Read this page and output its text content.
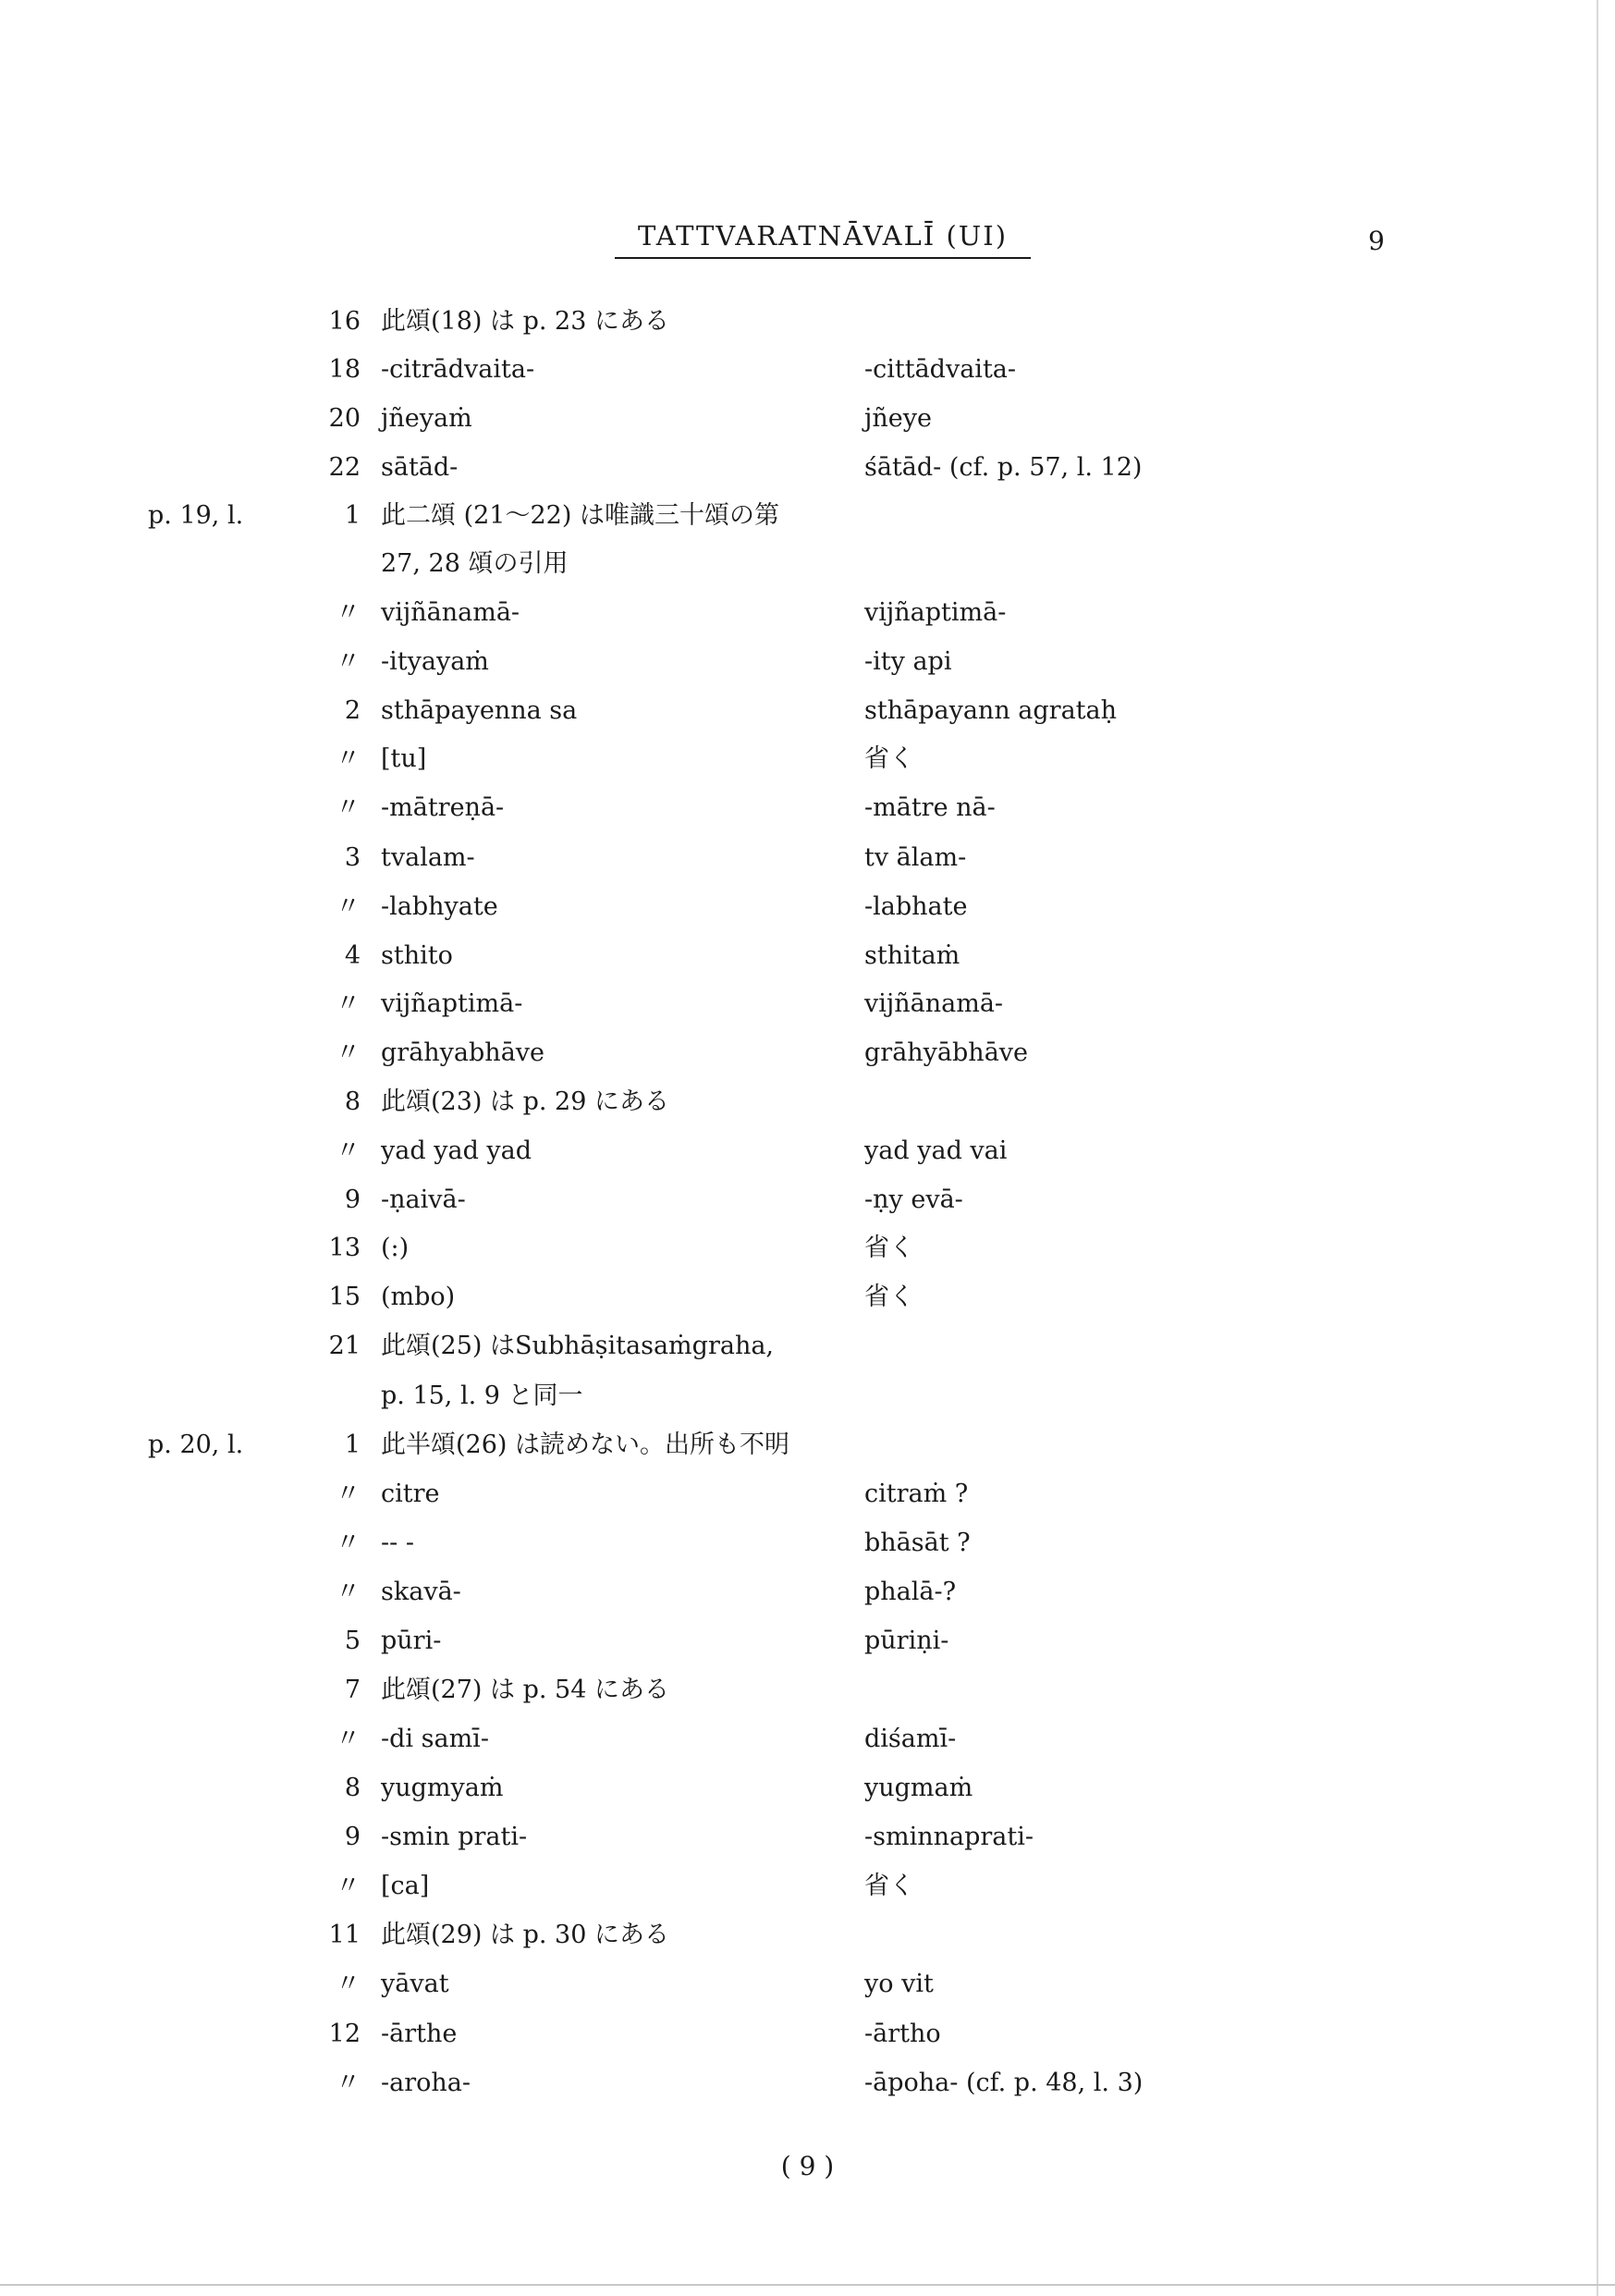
TATTVARATNĀVALĪ (UI)	9
16 此頌(18) は p. 23 にある
18 -citrādvaita-	-cittādvaita-
20 jñeyaṁ	jñeye
22 sātād-	śātād- (cf. p. 57, l. 12)
p. 19, l.	1 此二頌 (21〜22) は唯識三十頌の第
27, 28 頌の引用
〃 vijñānamā-	vijñaptimā-
〃 -ityayaṁ	-ity api
2 sthāpayenna sa	sthāpayann agrataḥ
〃 [tu]	省く
〃 -mātreṇā-	-mātre nā-
3 tvalam-	tv ālam-
〃 -labhyate	-labhate
4 sthito	sthitaṁ
〃 vijñaptimā-	vijñānamā-
〃 grāhyabhāve	grāhyābhāve
8 此頌(23) は p. 29 にある
〃 yad yad yad	yad yad vai
9 -ṇaivā-	-ṇy evā-
13 (:)	省く
15 (mbo)	省く
21 此頌(25) はSubhāṣitasaṁgraha,
p. 15, l. 9 と同一
p. 20, l.	1 此半頌(26) は読めない。出所も不明
〃 citre	citraṁ ?
〃 -- -	bhāsāt ?
〃 skavā-	phalā-?
5 pūri-	pūriṇi-
7 此頌(27) は p. 54 にある
〃 -di samī-	diśamī-
8 yugmyaṁ	yugmaṁ
9 -smin prati-	-sminnaprati-
〃 [ca]	省く
11 此頌(29) は p. 30 にある
〃 yāvat	yo vit
12 -ārthe	-ārtho
〃 -aroha-	-āpoha- (cf. p. 48, l. 3)
( 9 )
